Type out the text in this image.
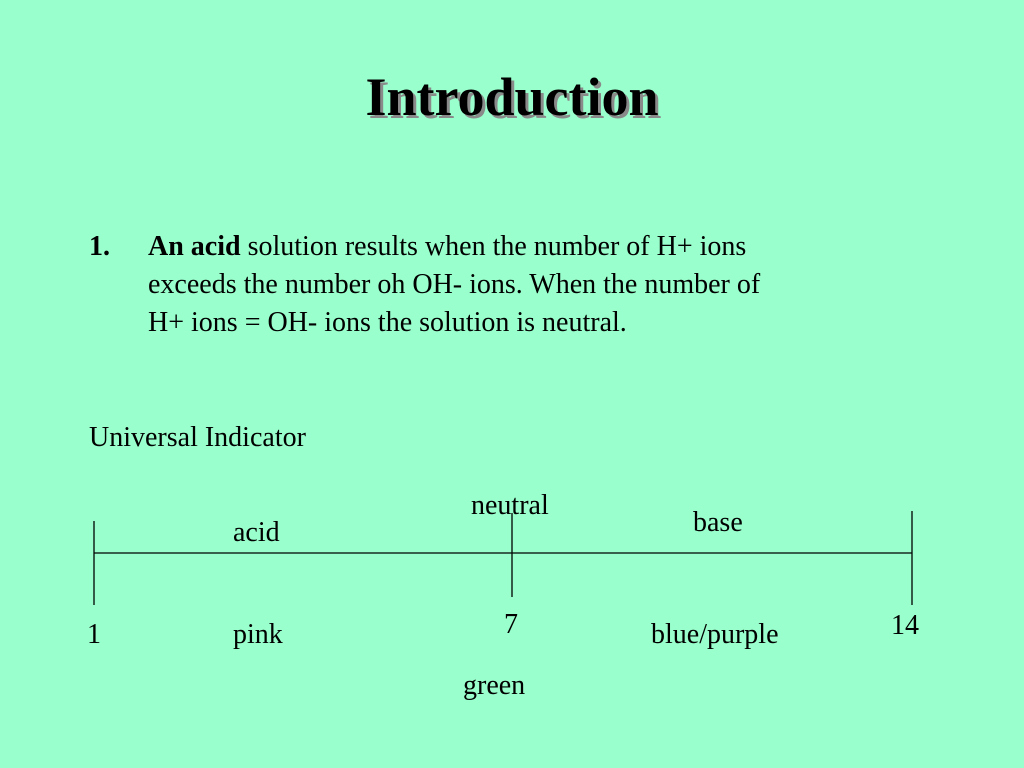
Introduction
1. An acid solution results when the number of H+ ions
exceeds the number oh OH- ions. When the number of
H+ ions = OH- ions the solution is neutral.
Universal Indicator
acid
neutral
base
1	7	14
pink	blue/purple
green
